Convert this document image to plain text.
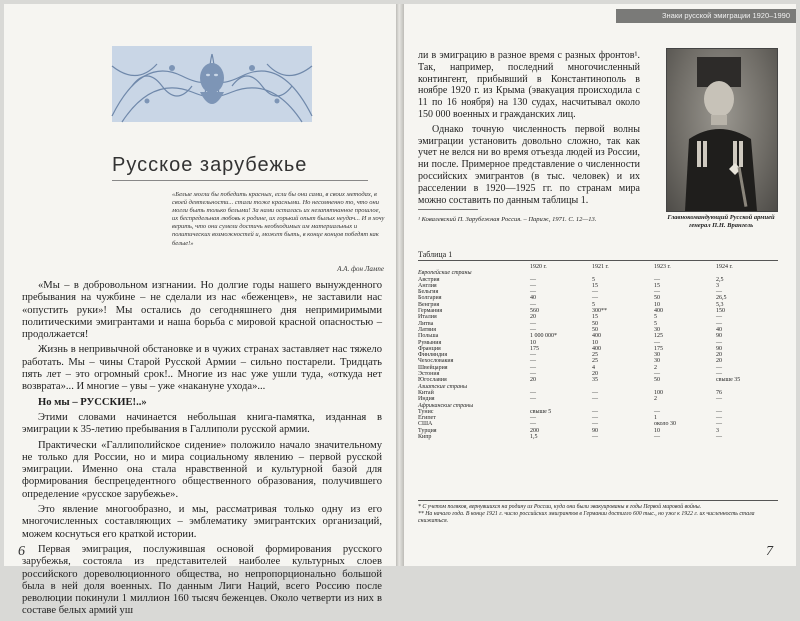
Русское зарубежье
«Белые могли бы победить красных, если бы они сами, в своих методах, в своей деятельности... стали тоже красными. Но несомненно то, что они могли быть только белыми! За нами осталась их незапятнанное прошлое, их беспредельная любовь к родине, их горький опыт былых неудач... И я хочу верить, что они сумели достичь необходимых им материальных и политических возможностей и, может быть, в конце концов победят как белые!»
А.А. фон Лампе

«Мы – в добровольном изгнании. Но долгие годы нашего вынужденного пребывания на чужбине – не сделали из нас «беженцев», не заставили нас «опустить руки»! Мы остались до сегодняшнего дня непримиримыми политическими эмигрантами и наша борьба с мировой красной опасностью – продолжается!

Жизнь в непривычной обстановке и в чужих странах заставляет нас тяжело работать. Мы – чины Старой Русской Армии – сильно постарели. Тридцать пять лет – это огромный срок!.. Многие из нас уже ушли туда, «откуда нет возврата»... И многие – увы – уже «накануне ухода»...

Но мы – РУССКИЕ!..»

Этими словами начинается небольшая книга-памятка, изданная в эмиграции к 35-летию пребывания в Галлиполи русской армии.

Практически «Галлиполийское сидение» положило начало значительному не только для России, но и мира социальному явлению – первой русской эмиграции. Именно она стала нравственной и культурной базой для формирования беспрецедентного общественного образования, получившего определение «русское зарубежье».

Это явление многообразно, и мы, рассматривая только одну из его многочисленных составляющих – эмблематику эмигрантских организаций, можем коснуться его краткой истории.

Первая эмиграция, послужившая основой формирования русского зарубежья, состояла из представителей наиболее культурных слоев российского дореволюционного общества, но непропорционально большой была в ней доля военных. По данным Лиги Наций, всего Россию после революции покинули 1 миллион 160 тысяч беженцев. Около четверти из них в составе белых армий уш

6
Знаки русской эмиграции 1920–1990

ли в эмиграцию в разное время с разных фронтов¹. Так, например, последний многочисленный контингент, прибывший в Константинополь в ноябре 1920 г. из Крыма (эвакуация происходила с 11 по 16 ноября) на 130 судах, насчитывал около 150 000 военных и гражданских лиц.

Однако точную численность первой волны эмиграции установить довольно сложно, так как учет не велся ни во время отъезда людей из России, ни после. Примерное представление о численности российских эмигрантов (в тыс. человек) и их расселении в 1920—1925 гг. по странам мира можно составить по данным таблицы 1.

¹ Ковалевский П. Зарубежная Россия. – Париж, 1971. С. 12—13.	Главнокомандующий Русской армией генерал П.Н. Врангель
Таблица 1
	1920 г.	1921 г.	1923 г.	1924 г.
Европейские страны				
Австрия	—	5	—	2,5
Англия	—	15	15	3
Бельгия	—	—	—	—
Болгария	40	—	50	26,5
Венгрия	—	5	10	5,3
Германия	560	300**	400	150
Италия	20	15	5	—
Литва	—	50	5	—
Латвия	—	50	30	40
Польша	1 000 000*	400	125	90
Румыния	10	10	—	—
Франция	175	400	175	90
Финляндия	—	25	30	20
Чехословакия	—	25	30	20
Швейцария	—	4	2	—
Эстония	—	20	—	—
Югославия	20	35	50	свыше 35
Азиатские страны				
Китай	—	—	100	76
Индия	—	—	2	—
Африканские страны				
Тунис	свыше 5	—	—	—
Египет	—	—	1	—
США	—	—	около 30	—
Турция	200	90	10	3
Кипр	1,5	—	—	—
* С учетом поляков, вернувшихся на родину из России, куда они были эвакуированы в годы Первой мировой войны.
** На начало года. В конце 1921 г. число российских эмигрантов в Германии достигло 600 тыс., но уже к 1922 г. их численность стала снижаться.
7
